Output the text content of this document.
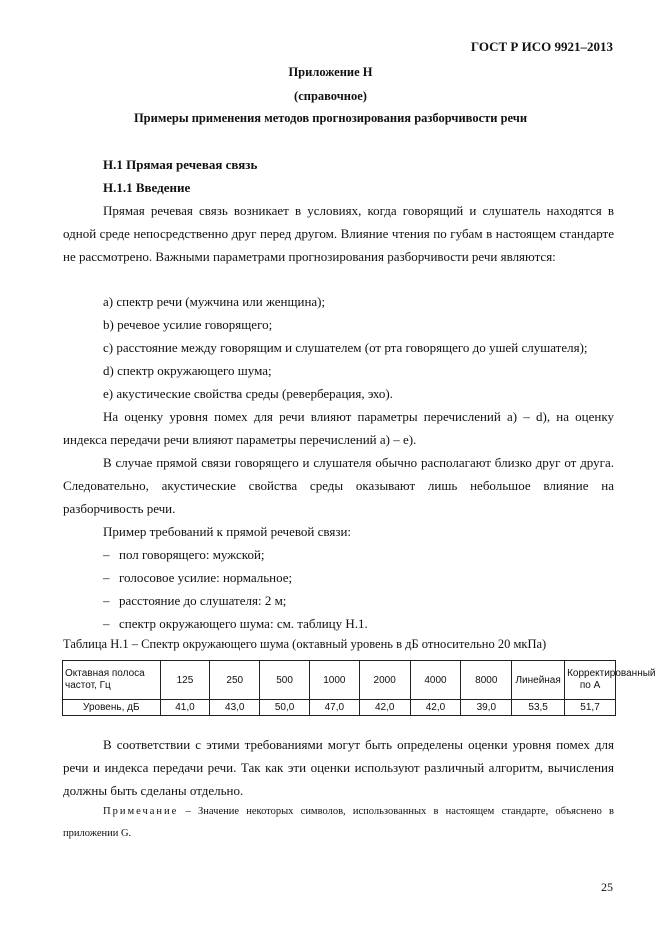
ГОСТ Р ИСО 9921–2013
Приложение Н
(справочное)
Примеры применения методов прогнозирования разборчивости речи
Н.1 Прямая речевая связь
Н.1.1 Введение
Прямая речевая связь возникает в условиях, когда говорящий и слушатель находятся в одной среде непосредственно друг перед другом. Влияние чтения по губам в настоящем стандарте не рассмотрено. Важными параметрами прогнозирования разборчивости речи являются:
a) спектр речи (мужчина или женщина);
b) речевое усилие говорящего;
c) расстояние между говорящим и слушателем (от рта говорящего до ушей слушателя);
d) спектр окружающего шума;
e) акустические свойства среды (реверберация, эхо).
На оценку уровня помех для речи влияют параметры перечислений a) – d), на оценку индекса передачи речи влияют параметры перечислений a) – e).
В случае прямой связи говорящего и слушателя обычно располагают близко друг от друга. Следовательно, акустические свойства среды оказывают лишь небольшое влияние на разборчивость речи.
Пример требований к прямой речевой связи:
– пол говорящего: мужской;
– голосовое усилие: нормальное;
– расстояние до слушателя: 2 м;
– спектр окружающего шума: см. таблицу Н.1.
Таблица Н.1 – Спектр окружающего шума (октавный уровень в дБ относительно 20 мкПа)
Октавная полоса частот, Гц	125	250	500	1000	2000	4000	8000	Линейная	Корректированный по А
Уровень, дБ	41,0	43,0	50,0	47,0	42,0	42,0	39,0	53,5	51,7
В соответствии с этими требованиями могут быть определены оценки уровня помех для речи и индекса передачи речи. Так как эти оценки используют различный алгоритм, вычисления должны быть сделаны отдельно.
Примечание – Значение некоторых символов, использованных в настоящем стандарте, объяснено в приложении G.
25
